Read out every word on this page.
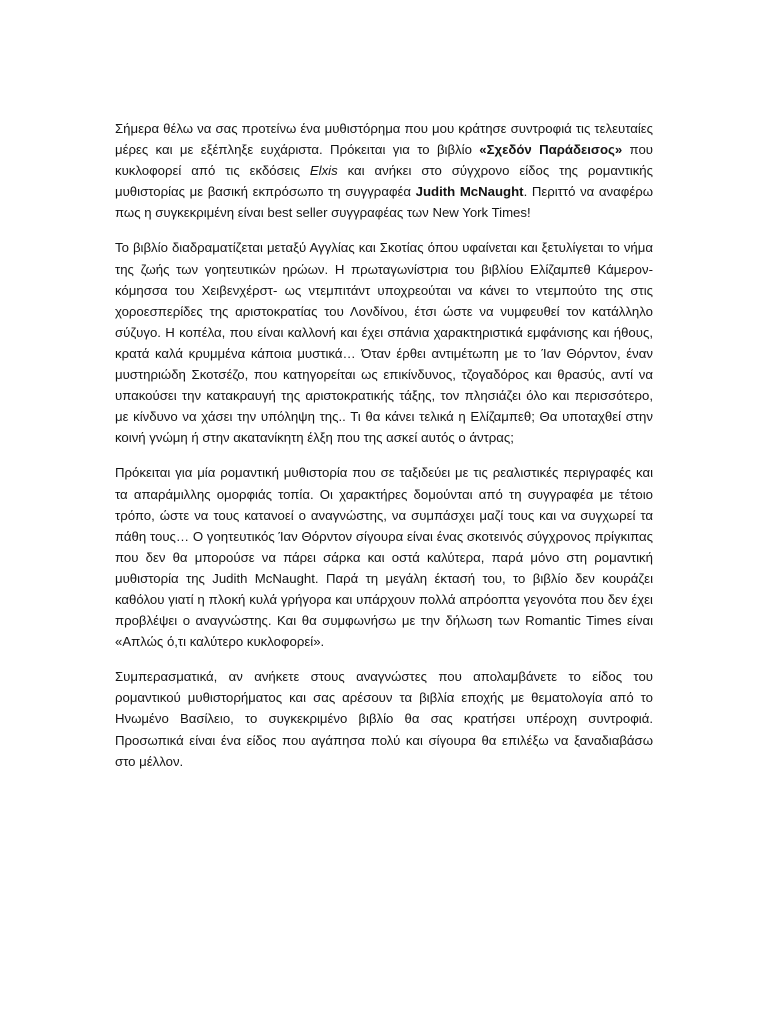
Σήμερα θέλω να σας προτείνω ένα μυθιστόρημα που μου κράτησε συντροφιά τις τελευταίες μέρες και με εξέπληξε ευχάριστα. Πρόκειται για το βιβλίο «Σχεδόν Παράδεισος» που κυκλοφορεί από τις εκδόσεις Elxis και ανήκει στο σύγχρονο είδος της ρομαντικής μυθιστορίας με βασική εκπρόσωπο τη συγγραφέα Judith McNaught. Περιττό να αναφέρω πως η συγκεκριμένη είναι best seller συγγραφέας των New York Times!

Το βιβλίο διαδραματίζεται μεταξύ Αγγλίας και Σκοτίας όπου υφαίνεται και ξετυλίγεται το νήμα της ζωής των γοητευτικών ηρώων. Η πρωταγωνίστρια του βιβλίου Ελίζαμπεθ Κάμερον-κόμησσα του Χειβενχέρστ- ως ντεμπιτάντ υποχρεούται να κάνει το ντεμπούτο της στις χοροεσπερίδες της αριστοκρατίας του Λονδίνου, έτσι ώστε να νυμφευθεί τον κατάλληλο σύζυγο. Η κοπέλα, που είναι καλλονή και έχει σπάνια χαρακτηριστικά εμφάνισης και ήθους, κρατά καλά κρυμμένα κάποια μυστικά… Όταν έρθει αντιμέτωπη με το Ίαν Θόρντον, έναν μυστηριώδη Σκοτσέζο, που κατηγορείται ως επικίνδυνος, τζογαδόρος και θρασύς, αντί να υπακούσει την κατακραυγή της αριστοκρατικής τάξης, τον πλησιάζει όλο και περισσότερο, με κίνδυνο να χάσει την υπόληψη της.. Τι θα κάνει τελικά η Ελίζαμπεθ; Θα υποταχθεί στην κοινή γνώμη ή στην ακατανίκητη έλξη που της ασκεί αυτός ο άντρας;

Πρόκειται για μία ρομαντική μυθιστορία που σε ταξιδεύει με τις ρεαλιστικές περιγραφές και τα απαράμιλλης ομορφιάς τοπία. Οι χαρακτήρες δομούνται από τη συγγραφέα με τέτοιο τρόπο, ώστε να τους κατανοεί ο αναγνώστης, να συμπάσχει μαζί τους και να συγχωρεί τα πάθη τους… Ο γοητευτικός Ίαν Θόρντον σίγουρα είναι ένας σκοτεινός σύγχρονος πρίγκιπας που δεν θα μπορούσε να πάρει σάρκα και οστά καλύτερα, παρά μόνο στη ρομαντική μυθιστορία της Judith McNaught. Παρά τη μεγάλη έκτασή του, το βιβλίο δεν κουράζει καθόλου γιατί η πλοκή κυλά γρήγορα και υπάρχουν πολλά απρόοπτα γεγονότα που δεν έχει προβλέψει ο αναγνώστης. Και θα συμφωνήσω με την δήλωση των Romantic Times είναι «Απλώς ό,τι καλύτερο κυκλοφορεί».

Συμπερασματικά, αν ανήκετε στους αναγνώστες που απολαμβάνετε το είδος του ρομαντικού μυθιστορήματος και σας αρέσουν τα βιβλία εποχής με θεματολογία από το Ηνωμένο Βασίλειο, το συγκεκριμένο βιβλίο θα σας κρατήσει υπέροχη συντροφιά. Προσωπικά είναι ένα είδος που αγάπησα πολύ και σίγουρα θα επιλέξω να ξαναδιαβάσω στο μέλλον.
